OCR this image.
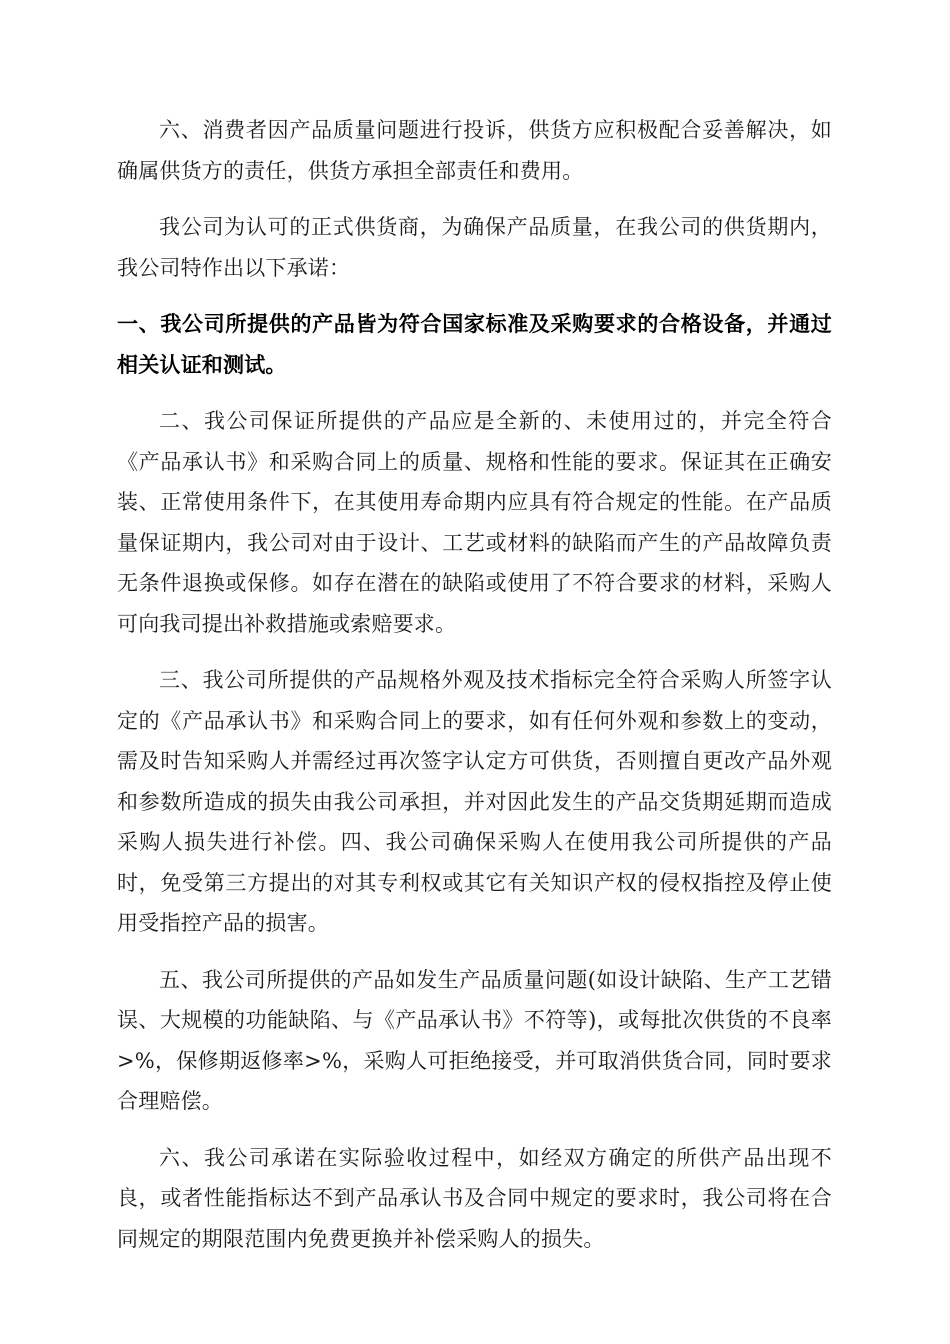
六、消费者因产品质量问题进行投诉，供货方应积极配合妥善解决，如确属供货方的责任，供货方承担全部责任和费用。

我公司为认可的正式供货商，为确保产品质量，在我公司的供货期内，我公司特作出以下承诺：

一、我公司所提供的产品皆为符合国家标准及采购要求的合格设备，并通过相关认证和测试。

二、我公司保证所提供的产品应是全新的、未使用过的，并完全符合《产品承认书》和采购合同上的质量、规格和性能的要求。保证其在正确安装、正常使用条件下，在其使用寿命期内应具有符合规定的性能。在产品质量保证期内，我公司对由于设计、工艺或材料的缺陷而产生的产品故障负责无条件退换或保修。如存在潜在的缺陷或使用了不符合要求的材料，采购人可向我司提出补救措施或索赔要求。

三、我公司所提供的产品规格外观及技术指标完全符合采购人所签字认定的《产品承认书》和采购合同上的要求，如有任何外观和参数上的变动，需及时告知采购人并需经过再次签字认定方可供货，否则擅自更改产品外观和参数所造成的损失由我公司承担，并对因此发生的产品交货期延期而造成采购人损失进行补偿。四、我公司确保采购人在使用我公司所提供的产品时，免受第三方提出的对其专利权或其它有关知识产权的侵权指控及停止使用受指控产品的损害。

五、我公司所提供的产品如发生产品质量问题(如设计缺陷、生产工艺错误、大规模的功能缺陷、与《产品承认书》不符等)，或每批次供货的不良率>%，保修期返修率>%，采购人可拒绝接受，并可取消供货合同，同时要求合理赔偿。

六、我公司承诺在实际验收过程中，如经双方确定的所供产品出现不良，或者性能指标达不到产品承认书及合同中规定的要求时，我公司将在合同规定的期限范围内免费更换并补偿采购人的损失。
